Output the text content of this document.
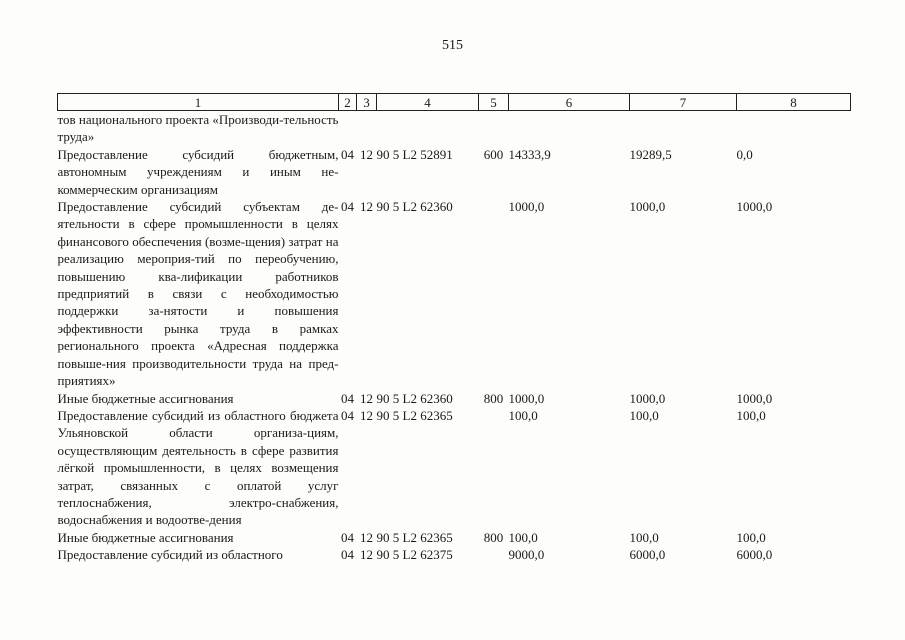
515
1	2	3	4	5	6	7	8
тов национального проекта «Производи-тельность труда»							
Предоставление субсидий бюджетным, автономным учреждениям и иным не-коммерческим организациям	04	12	90 5 L2 52891	600	14333,9	19289,5	0,0
Предоставление субсидий субъектам де-ятельности в сфере промышленности в целях финансового обеспечения (возме-щения) затрат на реализацию мероприя-тий по переобучению, повышению ква-лификации работников предприятий в связи с необходимостью поддержки за-нятости и повышения эффективности рынка труда в рамках регионального проекта «Адресная поддержка повыше-ния производительности труда на пред-приятиях»	04	12	90 5 L2 62360		1000,0	1000,0	1000,0
Иные бюджетные ассигнования	04	12	90 5 L2 62360	800	1000,0	1000,0	1000,0
Предоставление субсидий из областного бюджета Ульяновской области организа-циям, осуществляющим деятельность в сфере развития лёгкой промышленности, в целях возмещения затрат, связанных с оплатой услуг теплоснабжения, электро-снабжения, водоснабжения и водоотве-дения	04	12	90 5 L2 62365		100,0	100,0	100,0
Иные бюджетные ассигнования	04	12	90 5 L2 62365	800	100,0	100,0	100,0
Предоставление субсидий из областного	04	12	90 5 L2 62375		9000,0	6000,0	6000,0
